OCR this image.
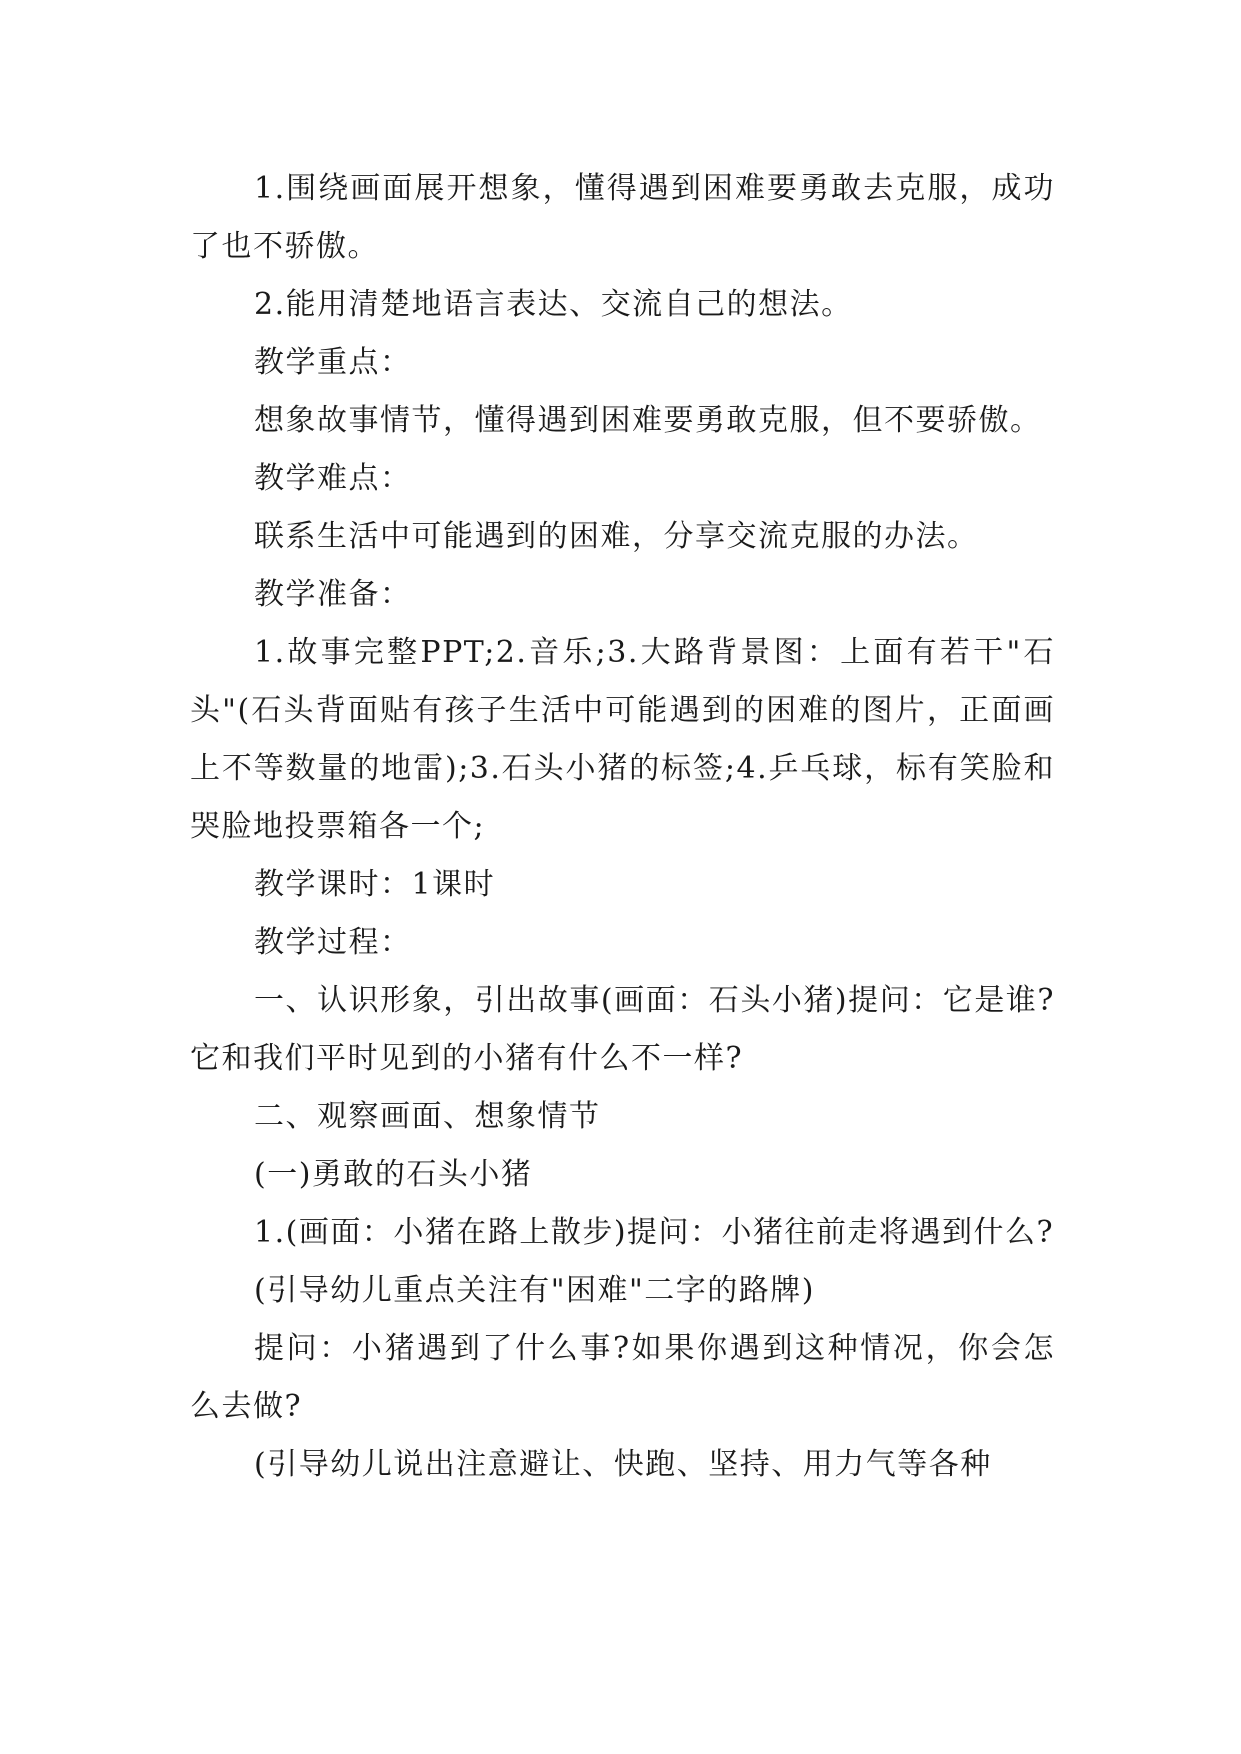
1.围绕画面展开想象，懂得遇到困难要勇敢去克服，成功了也不骄傲。

2.能用清楚地语言表达、交流自己的想法。

教学重点：

想象故事情节，懂得遇到困难要勇敢克服，但不要骄傲。

教学难点：

联系生活中可能遇到的困难，分享交流克服的办法。

教学准备：

1.故事完整PPT;2.音乐;3.大路背景图：上面有若干"石头"(石头背面贴有孩子生活中可能遇到的困难的图片，正面画上不等数量的地雷);3.石头小猪的标签;4.乒乓球，标有笑脸和哭脸地投票箱各一个;

教学课时：1课时

教学过程：

一、认识形象，引出故事(画面：石头小猪)提问：它是谁?它和我们平时见到的小猪有什么不一样?

二、观察画面、想象情节

(一)勇敢的石头小猪

1.(画面：小猪在路上散步)提问：小猪往前走将遇到什么?

(引导幼儿重点关注有"困难"二字的路牌)

提问：小猪遇到了什么事?如果你遇到这种情况，你会怎么去做?

(引导幼儿说出注意避让、快跑、坚持、用力气等各种
